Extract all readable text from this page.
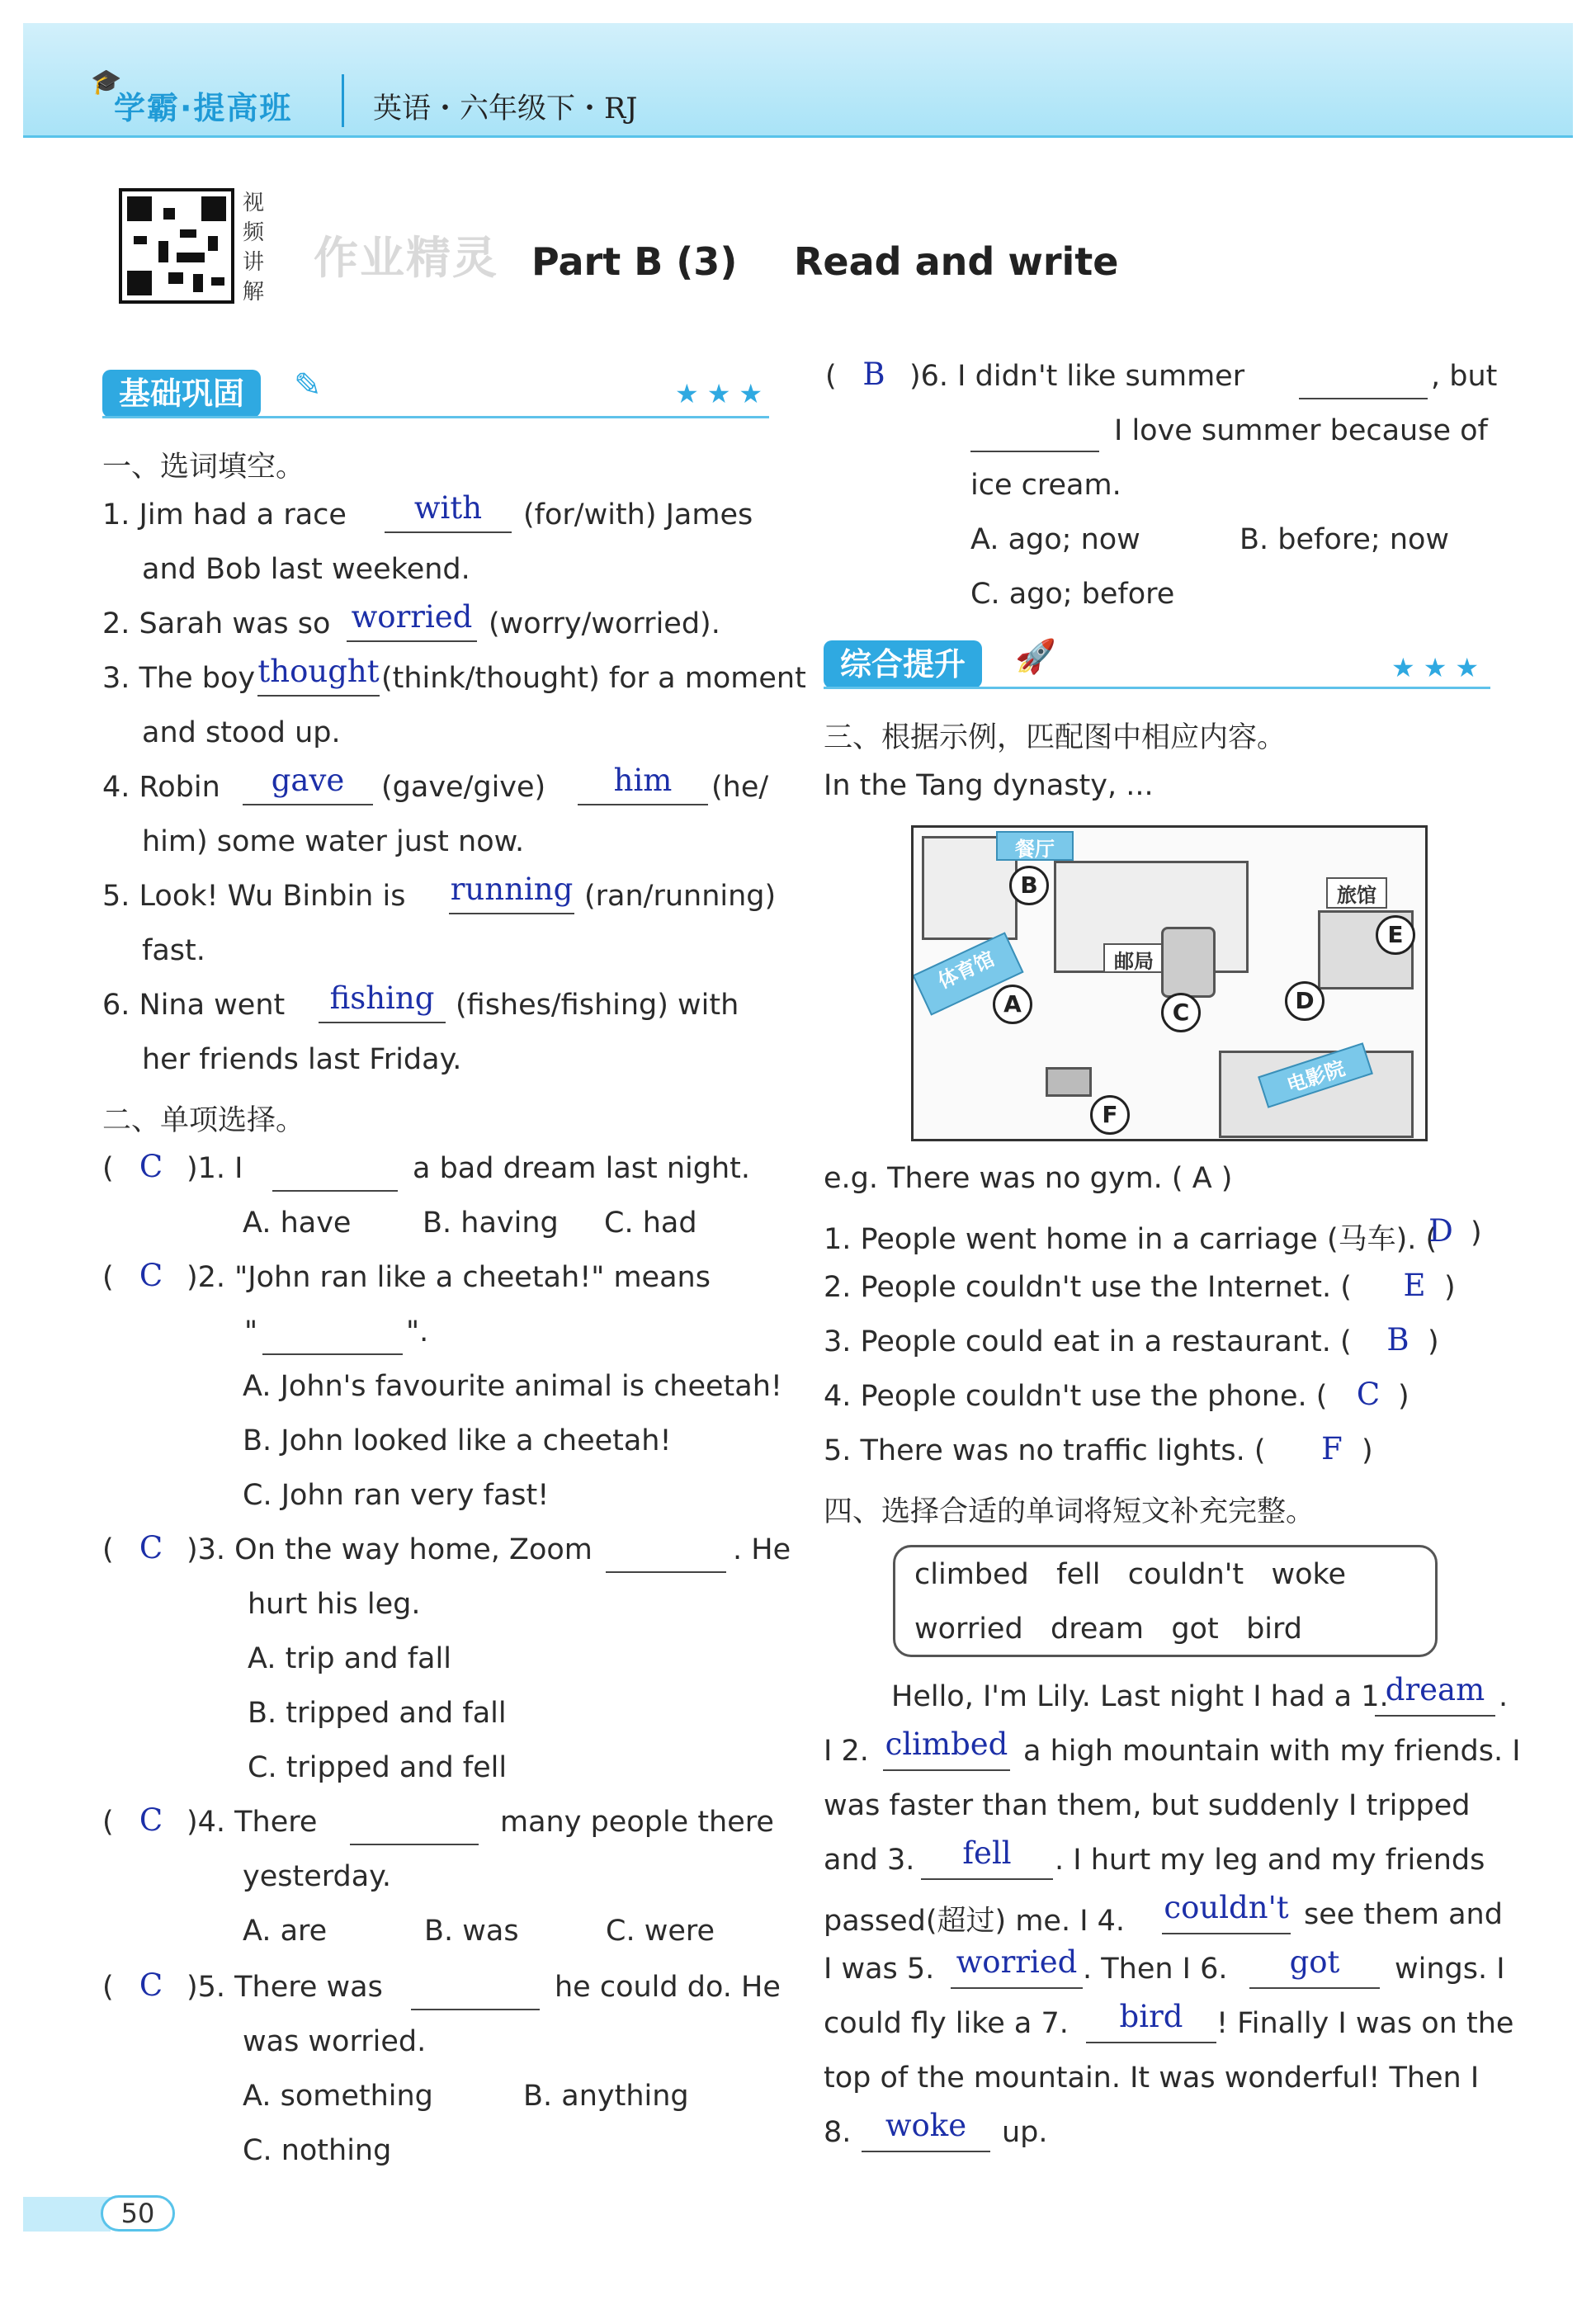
🎓
学霸·提高班	英语・六年级下・RJ
视频讲解
作业精灵 Part B (3) Read and write
基础巩固	✎	★★★
一、选词填空。
1. Jim had a race	with	(for/with) James
and Bob last weekend.
2. Sarah was so worried (worry/worried).
3. The boy thought (think/thought) for a moment
and stood up.
4. Robin	gave	(gave/give)	him	(he/
him) some water just now.
5. Look! Wu Binbin is running (ran/running)
fast.
6. Nina went	fishing (fishes/fishing) with
her friends last Friday.
二、单项选择。
( C )1. I	a bad dream last night.
A. have B. having C. had
( C )2. "John ran like a cheetah!" means
"	".
A. John's favourite animal is cheetah!
B. John looked like a cheetah!
C. John ran very fast!
( C )3. On the way home, Zoom	. He
hurt his leg.
A. trip and fall
B. tripped and fall
C. tripped and fell
( C )4. There	many people there
yesterday.
A. are	B. was	C. were
( C )5. There was	he could do. He
was worried.
A. something	B. anything
C. nothing
( B )6. I didn't like summer	, but
I love summer because of
ice cream.
A. ago; now	B. before; now
C. ago; before
综合提升	🚀	★★★
三、根据示例，匹配图中相应内容。
In the Tang dynasty, ...
餐厅
旅馆
邮局
体育馆
电影院
B
E
A	C	D
F
e.g. There was no gym. ( A )
1. People went home in a carriage (马车). (
D )
2. People couldn't use the Internet. (	E )
3. People could eat in a restaurant. (	B )
4. People couldn't use the phone. ( C )
5. There was no traffic lights. (	F )
四、选择合适的单词将短文补充完整。
climbed   fell   couldn't   woke
worried   dream   got   bird
Hello, I'm Lily. Last night I had a 1.
dream .
I 2. climbed a high mountain with my friends. I
was faster than them, but suddenly I tripped
and 3.	fell	. I hurt my leg and my friends
passed(超过) me. I 4. couldn't see them and
I was 5. worried . Then I 6.	got	wings. I
could fly like a 7.	bird	! Finally I was on the
top of the mountain. It was wonderful! Then I
8.	woke	up.
50
